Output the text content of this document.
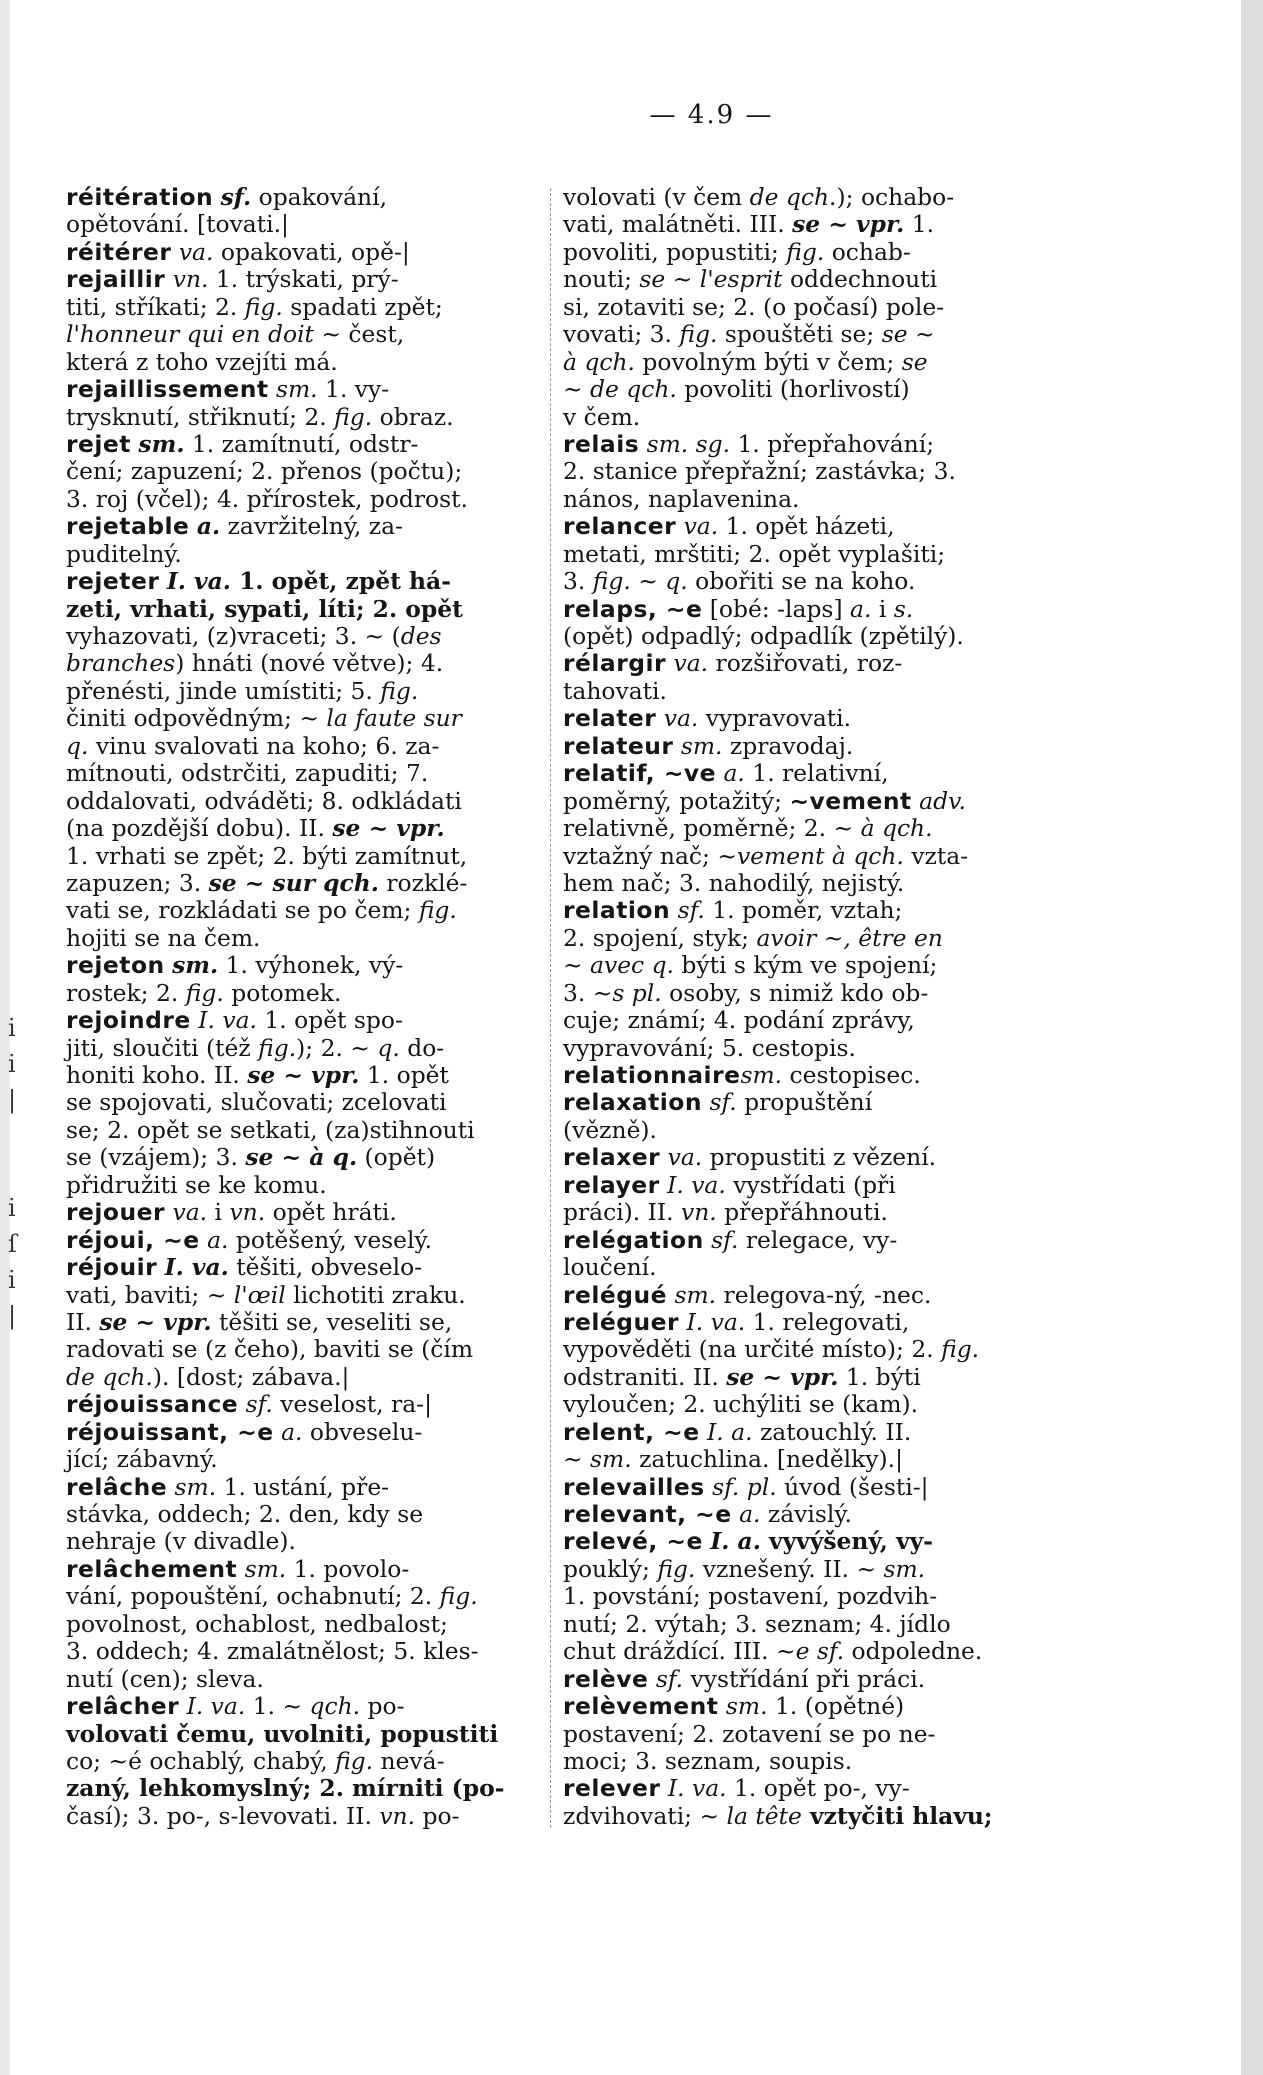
i
i
|

i
ſ
i
|
— 4.9 —
réitération sf. opakování,
opětování. [tovati.|
réitérer va. opakovati, opě-|
rejaillir vn. 1. trýskati, prý-
titi, stříkati; 2. fig. spadati zpět;
l'honneur qui en doit ~ čest,
která z toho vzejíti má.
rejaillissement sm. 1. vy-
trysknutí, střiknutí; 2. fig. obraz.
rejet sm. 1. zamítnutí, odstr-
čení; zapuzení; 2. přenos (počtu);
3. roj (včel); 4. přírostek, podrost.
rejetable a. zavržitelný, za-
puditelný.
rejeter I. va. 1. opět, zpět há-
zeti, vrhati, sypati, líti; 2. opět
vyhazovati, (z)vraceti; 3. ~ (des
branches) hnáti (nové větve); 4.
přenésti, jinde umístiti; 5. fig.
činiti odpovědným; ~ la faute sur
q. vinu svalovati na koho; 6. za-
mítnouti, odstrčiti, zapuditi; 7.
oddalovati, odváděti; 8. odkládati
(na pozdější dobu). II. se ~ vpr.
1. vrhati se zpět; 2. býti zamítnut,
zapuzen; 3. se ~ sur qch. rozklé-
vati se, rozkládati se po čem; fig.
hojiti se na čem.
rejeton sm. 1. výhonek, vý-
rostek; 2. fig. potomek.
rejoindre I. va. 1. opět spo-
jiti, sloučiti (též fig.); 2. ~ q. do-
honiti koho. II. se ~ vpr. 1. opět
se spojovati, slučovati; zcelovati
se; 2. opět se setkati, (za)stihnouti
se (vzájem); 3. se ~ à q. (opět)
přidružiti se ke komu.
rejouer va. i vn. opět hráti.
réjoui, ~e a. potěšený, veselý.
réjouir I. va. těšiti, obveselo-
vati, baviti; ~ l'œil lichotiti zraku.
II. se ~ vpr. těšiti se, veseliti se,
radovati se (z čeho), baviti se (čím
de qch.). [dost; zábava.|
réjouissance sf. veselost, ra-|
réjouissant, ~e a. obveselu-
jící; zábavný.
relâche sm. 1. ustání, pře-
stávka, oddech; 2. den, kdy se
nehraje (v divadle).
relâchement sm. 1. povolo-
vání, popouštění, ochabnutí; 2. fig.
povolnost, ochablost, nedbalost;
3. oddech; 4. zmalátnělost; 5. kles-
nutí (cen); sleva.
relâcher I. va. 1. ~ qch. po-
volovati čemu, uvolniti, popustiti
co; ~é ochablý, chabý, fig. nevá-
zaný, lehkomyslný; 2. mírniti (po-
časí); 3. po-, s-levovati. II. vn. po-
volovati (v čem de qch.); ochabo-
vati, malátněti. III. se ~ vpr. 1.
povoliti, popustiti; fig. ochab-
nouti; se ~ l'esprit oddechnouti
si, zotaviti se; 2. (o počasí) pole-
vovati; 3. fig. spouštěti se; se ~
à qch. povolným býti v čem; se
~ de qch. povoliti (horlivostí)
v čem.
relais sm. sg. 1. přepřahování;
2. stanice přepřažní; zastávka; 3.
nános, naplavenina.
relancer va. 1. opět házeti,
metati, mrštiti; 2. opět vyplašiti;
3. fig. ~ q. obořiti se na koho.
relaps, ~e [obé: -laps] a. i s.
(opět) odpadlý; odpadlík (zpětilý).
rélargir va. rozšiřovati, roz-
tahovati.
relater va. vypravovati.
relateur sm. zpravodaj.
relatif, ~ve a. 1. relativní,
poměrný, potažitý; ~vement adv.
relativně, poměrně; 2. ~ à qch.
vztažný nač; ~vement à qch. vzta-
hem nač; 3. nahodilý, nejistý.
relation sf. 1. poměr, vztah;
2. spojení, styk; avoir ~, être en
~ avec q. býti s kým ve spojení;
3. ~s pl. osoby, s nimiž kdo ob-
cuje; známí; 4. podání zprávy,
vypravování; 5. cestopis.
relationnairesm. cestopisec.
relaxation sf. propuštění
(vězně).
relaxer va. propustiti z vězení.
relayer I. va. vystřídati (při
práci). II. vn. přepřáhnouti.
relégation sf. relegace, vy-
loučení.
relégué sm. relegova-ný, -nec.
reléguer I. va. 1. relegovati,
vypověděti (na určité místo); 2. fig.
odstraniti. II. se ~ vpr. 1. býti
vyloučen; 2. uchýliti se (kam).
relent, ~e I. a. zatouchlý. II.
~ sm. zatuchlina. [nedělky).|
relevailles sf. pl. úvod (šesti-|
relevant, ~e a. závislý.
relevé, ~e I. a. vyvýšený, vy-
pouklý; fig. vznešený. II. ~ sm.
1. povstání; postavení, pozdvih-
nutí; 2. výtah; 3. seznam; 4. jídlo
chut dráždící. III. ~e sf. odpoledne.
relève sf. vystřídání při práci.
relèvement sm. 1. (opětné)
postavení; 2. zotavení se po ne-
moci; 3. seznam, soupis.
relever I. va. 1. opět po-, vy-
zdvihovati; ~ la tête vztyčiti hlavu;
